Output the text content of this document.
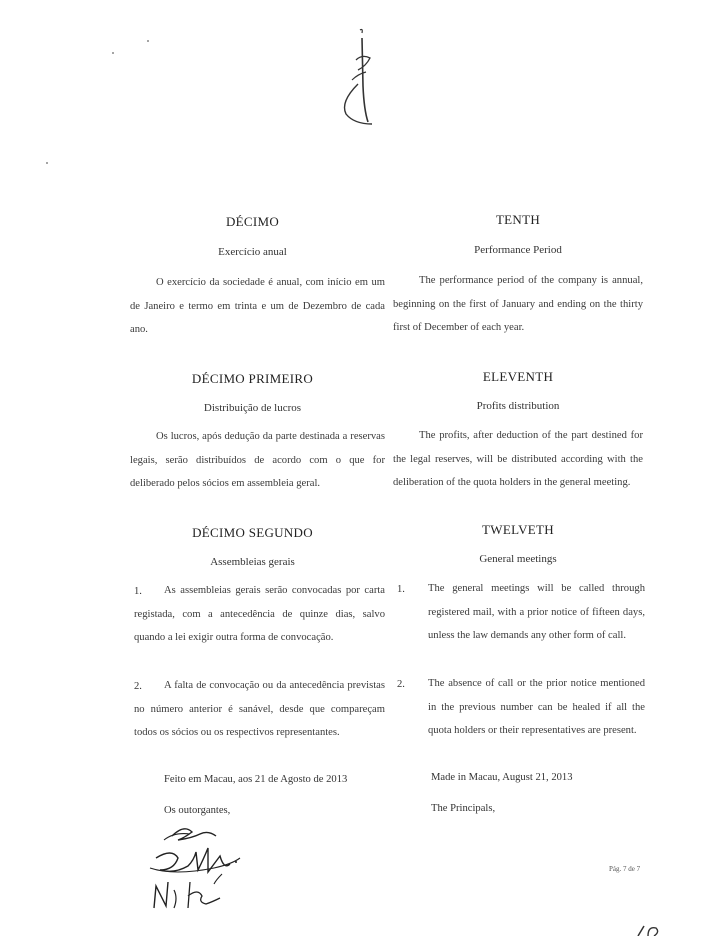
DÉCIMO	TENTH
Exercício anual	Performance Period
O exercício da sociedade é anual, com início em um de Janeiro e termo em trinta e um de Dezembro de cada ano.
The performance period of the company is annual, beginning on the first of January and ending on the thirty first of December of each year.
DÉCIMO PRIMEIRO	ELEVENTH
Distribuição de lucros	Profits distribution
Os lucros, após dedução da parte destinada a reservas legais, serão distribuídos de acordo com o que for deliberado pelos sócios em assembleia geral.
The profits, after deduction of the part destined for the legal reserves, will be distributed according with the deliberation of the quota holders in the general meeting.
DÉCIMO SEGUNDO	TWELVETH
Assembleias gerais	General meetings
1.	As assembleias gerais serão convocadas por carta registada, com a antecedência de quinze dias, salvo quando a lei exigir outra forma de convocação.
2.	A falta de convocação ou da antecedência previstas no número anterior é sanável, desde que compareçam todos os sócios ou os respectivos representantes.
1. The general meetings will be called through registered mail, with a prior notice of fifteen days, unless the law demands any other form of call.
2. The absence of call or the prior notice mentioned in the previous number can be healed if all the quota holders or their representatives are present.
Feito em Macau, aos 21 de Agosto de 2013	Made in Macau, August 21, 2013
Os outorgantes,	The Principals,
Pág. 7 de 7
